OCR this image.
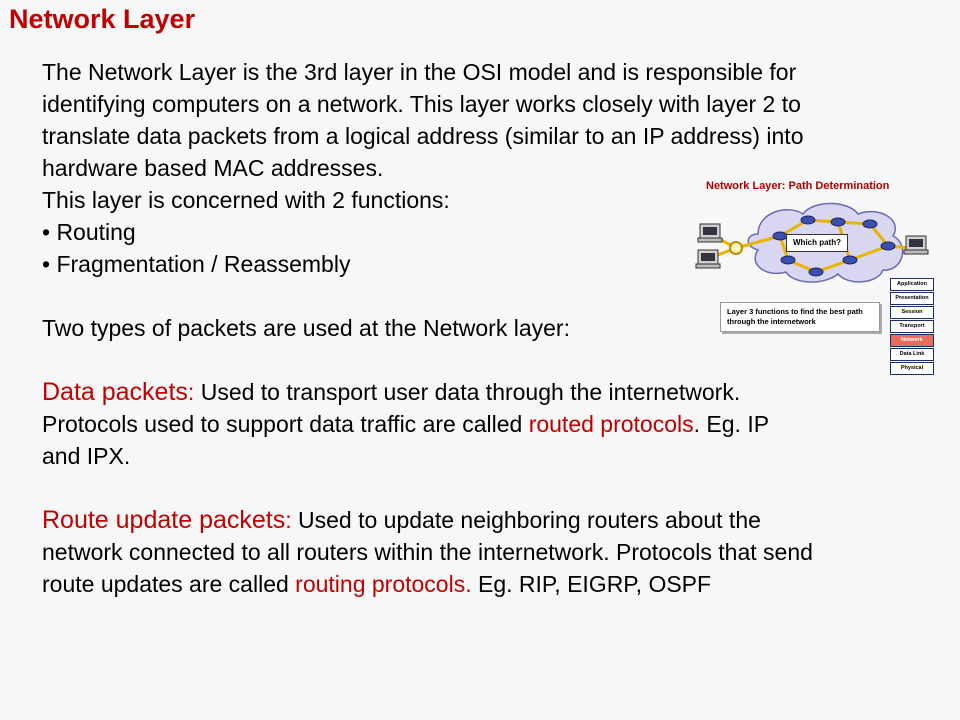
Network Layer
The Network Layer is the 3rd layer in the OSI model and is responsible for
identifying computers on a network. This layer works closely with layer 2 to
translate data packets from a logical address (similar to an IP address) into
hardware based MAC addresses.
This layer is concerned with 2 functions:
• Routing
• Fragmentation / Reassembly
Two types of packets are used at the Network layer:
Data packets: Used to transport user data through the internetwork.
Protocols used to support data traffic are called routed protocols. Eg. IP
and IPX.
Route update packets: Used to update neighboring routers about the
network connected to all routers within the internetwork. Protocols that send
route updates are called routing protocols. Eg. RIP, EIGRP, OSPF
Network Layer: Path Determination
Which path?
Layer 3 functions to find the best path through the internetwork
Application
Presentation
Session
Transport
Network
Data Link
Physical
